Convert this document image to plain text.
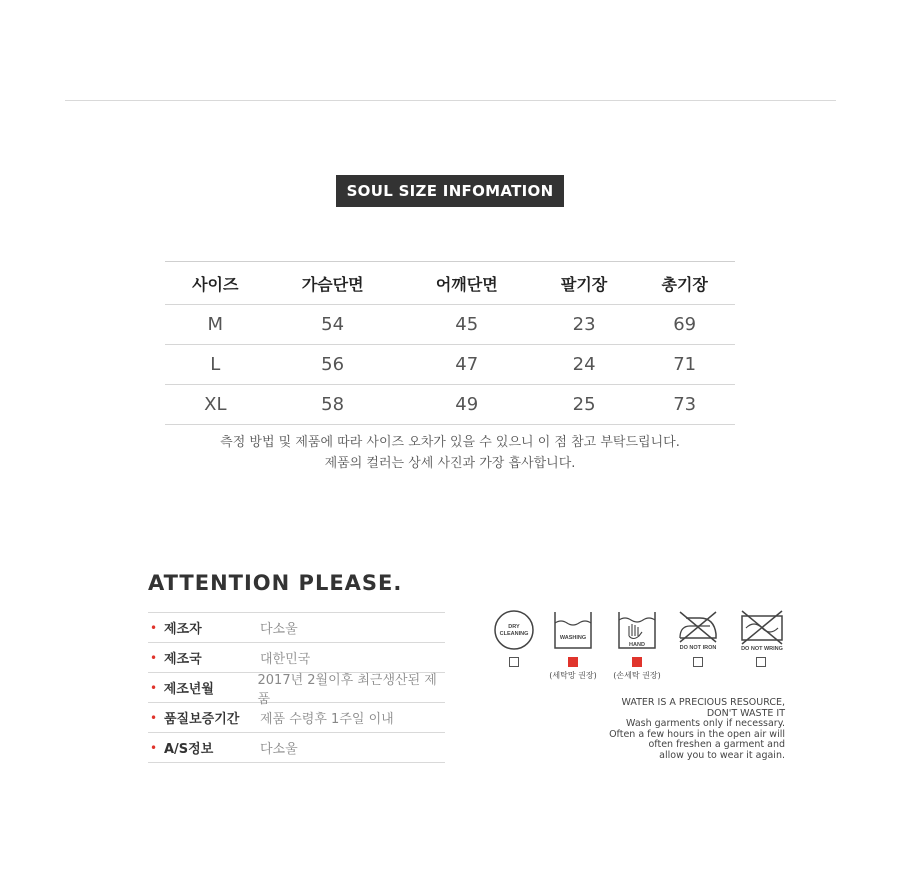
SOUL SIZE INFOMATION
사이즈	가슴단면	어깨단면	팔기장	총기장
M	54	45	23	69
L	56	47	24	71
XL	58	49	25	73
측정 방법 및 제품에 따라 사이즈 오차가 있을 수 있으니 이 점 참고 부탁드립니다.
제품의 컬러는 상세 사진과 가장 흡사합니다.
ATTENTION PLEASE.
• 제조자	다소울
• 제조국	대한민국
• 제조년월
2017년 2월이후 최근생산된 제품
• 품질보증기간	제품 수령후 1주일 이내
• A/S정보	다소울
DRY
CLEANING
WASHING
(세탁망 권장)
HAND
(손세탁 권장)
DO NOT IRON	DO NOT WRING
WATER IS A PRECIOUS RESOURCE,
DON'T WASTE IT
Wash garments only if necessary.
Often a few hours in the open air will
often freshen a garment and
allow you to wear it again.
